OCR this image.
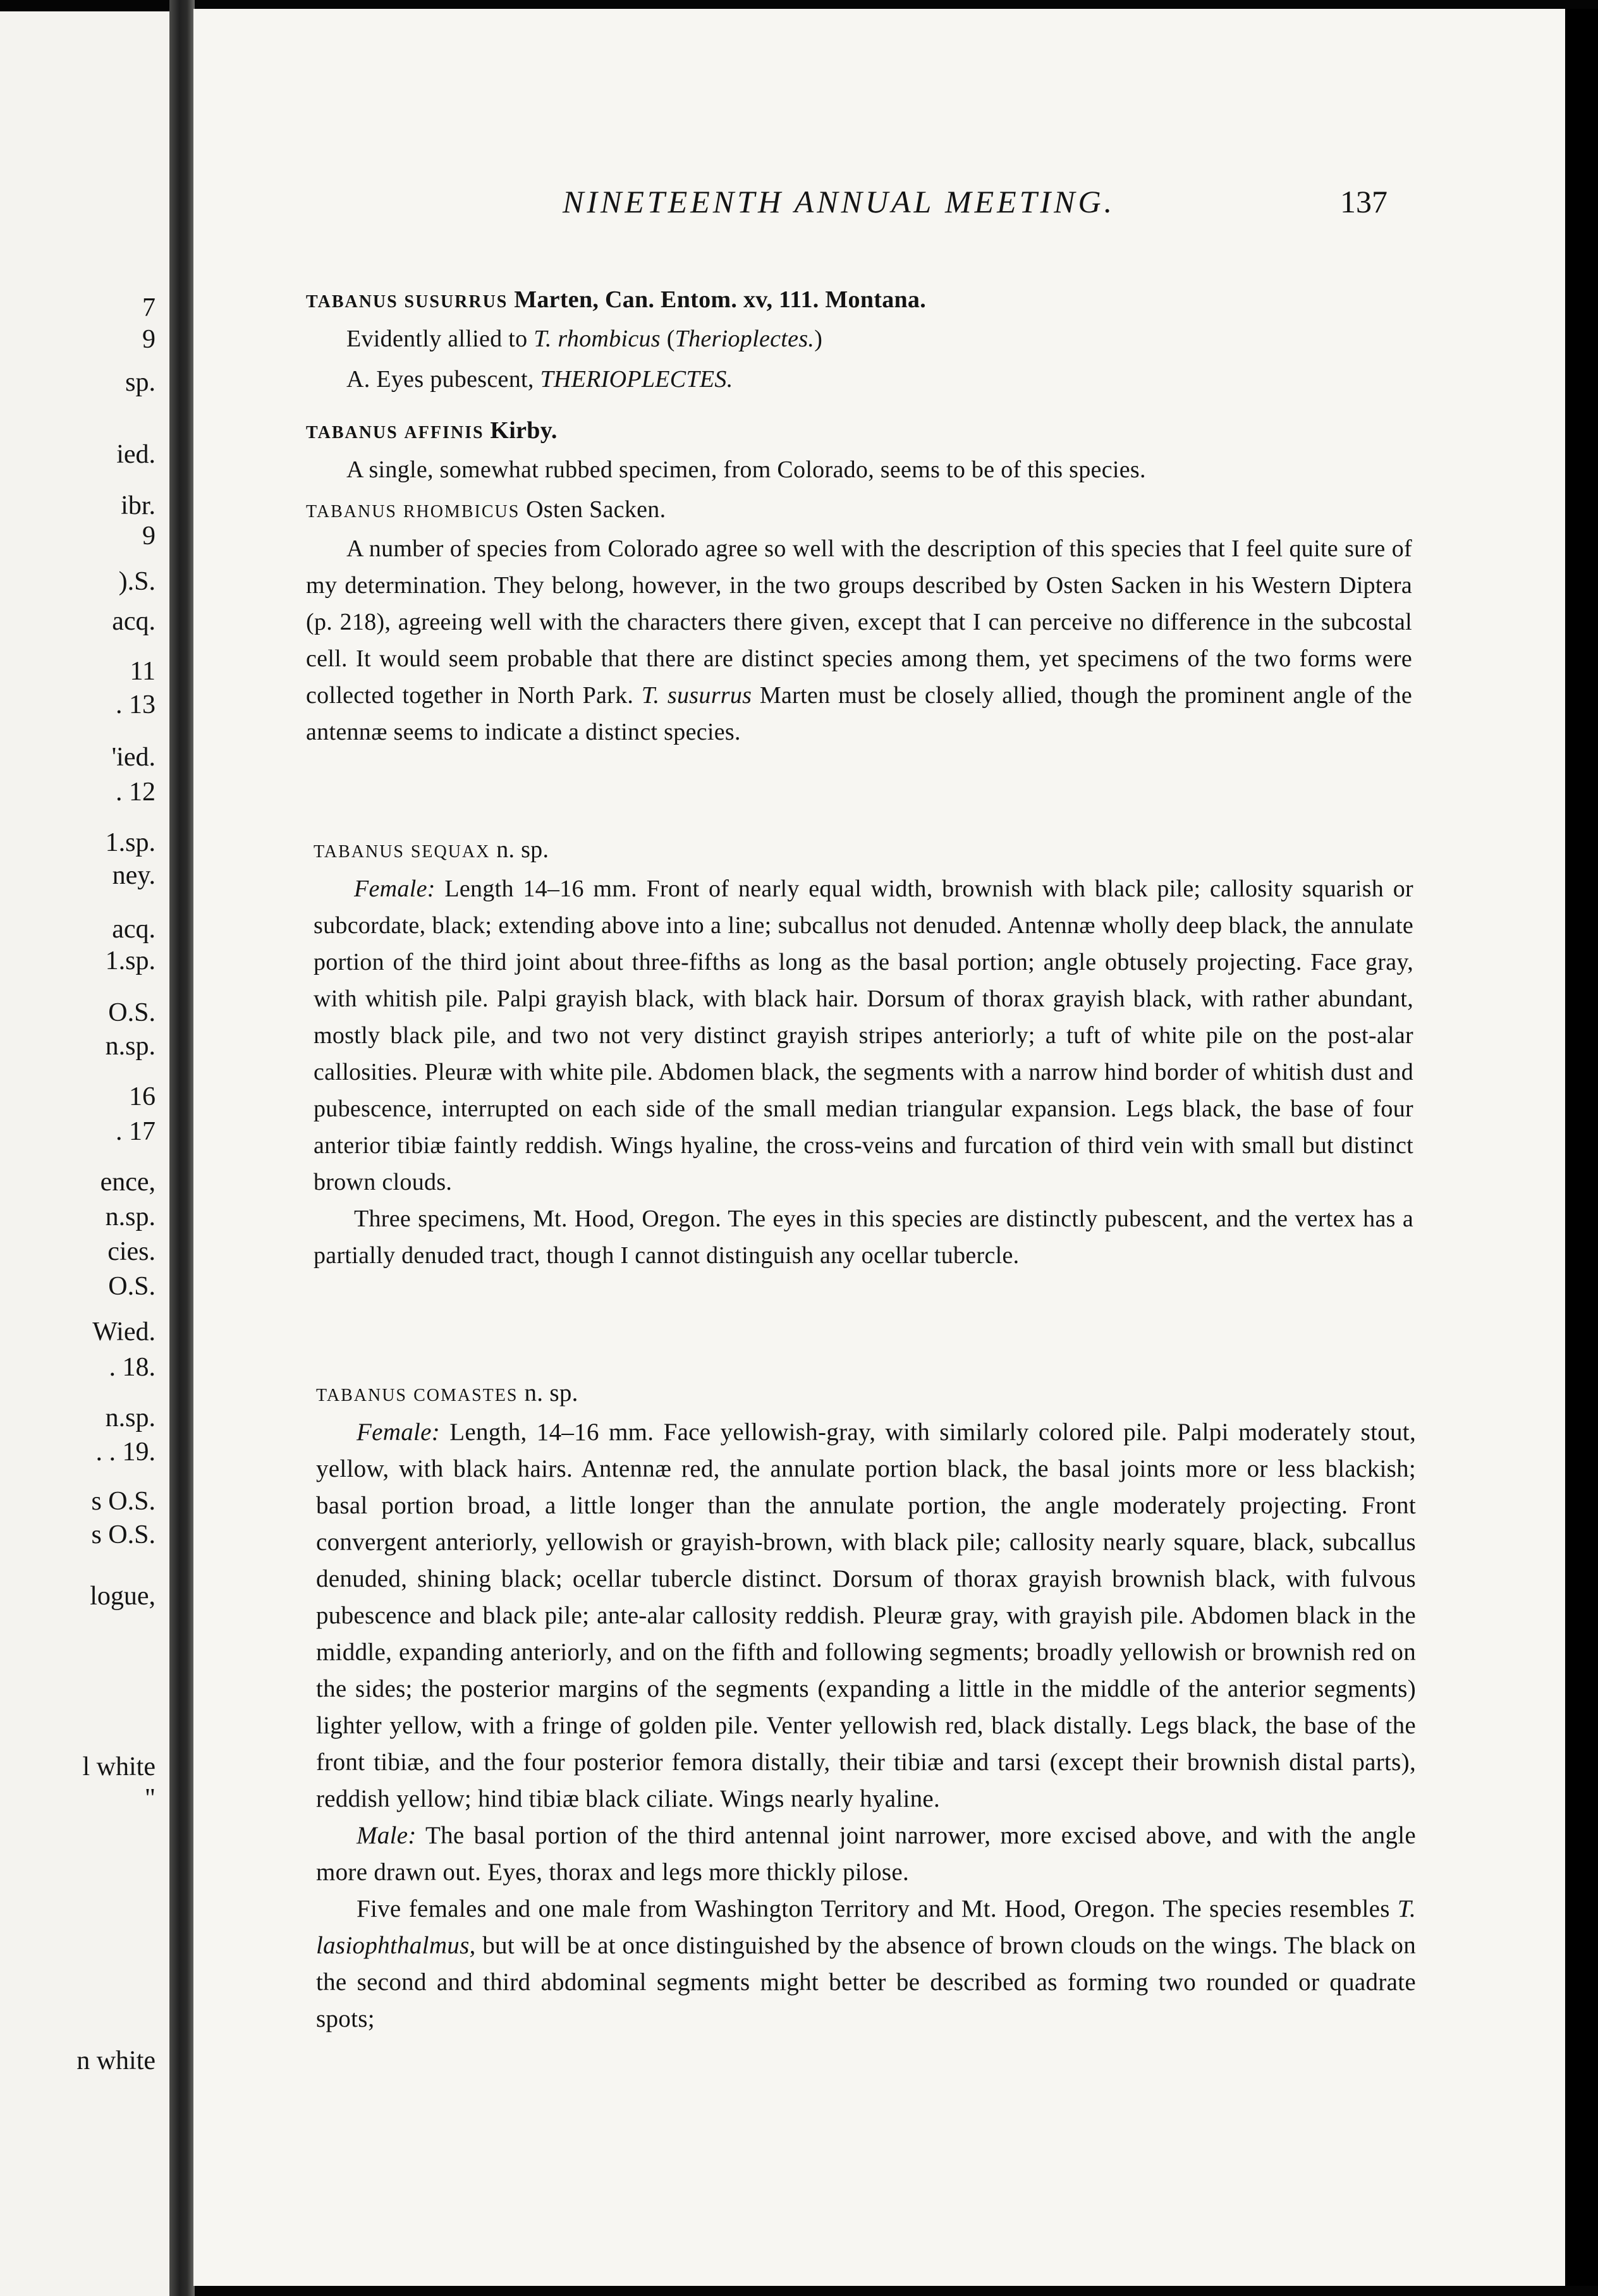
7
9
sp.
ied.
ibr.
9
).S.
acq.
11
. 13
'ied.
. 12
1.sp.
ney.
acq.
1.sp.
O.S.
n.sp.
16
. 17
ence,
n.sp.
cies.
O.S.
Wied.
. 18.
n.sp.
. . 19.
s O.S.
s O.S.
logue,
l white
"
n white
NINETEENTH ANNUAL MEETING.	137
TABANUS SUSURRUS Marten, Can. Entom. xv, 111. Montana.
Evidently allied to T. rhombicus (Therioplectes.)
A. Eyes pubescent, THERIOPLECTES.
TABANUS AFFINIS Kirby.
A single, somewhat rubbed specimen, from Colorado, seems to be of this species.
TABANUS RHOMBICUS Osten Sacken.
A number of species from Colorado agree so well with the description of this species that I feel quite sure of my determination. They belong, however, in the two groups described by Osten Sacken in his Western Diptera (p. 218), agreeing well with the characters there given, except that I can perceive no difference in the subcostal cell. It would seem probable that there are distinct species among them, yet specimens of the two forms were collected together in North Park. T. susurrus Marten must be closely allied, though the prominent angle of the antennæ seems to indicate a distinct species.
TABANUS SEQUAX n. sp.
Female: Length 14–16 mm. Front of nearly equal width, brownish with black pile; callosity squarish or subcordate, black; extending above into a line; subcallus not denuded. Antennæ wholly deep black, the annulate portion of the third joint about three-fifths as long as the basal portion; angle obtusely projecting. Face gray, with whitish pile. Palpi grayish black, with black hair. Dorsum of thorax grayish black, with rather abundant, mostly black pile, and two not very distinct grayish stripes anteriorly; a tuft of white pile on the post-alar callosities. Pleuræ with white pile. Abdomen black, the segments with a narrow hind border of whitish dust and pubescence, interrupted on each side of the small median triangular expansion. Legs black, the base of four anterior tibiæ faintly reddish. Wings hyaline, the cross-veins and furcation of third vein with small but distinct brown clouds.
Three specimens, Mt. Hood, Oregon. The eyes in this species are distinctly pubescent, and the vertex has a partially denuded tract, though I cannot distinguish any ocellar tubercle.
TABANUS COMASTES n. sp.
Female: Length, 14–16 mm. Face yellowish-gray, with similarly colored pile. Palpi moderately stout, yellow, with black hairs. Antennæ red, the annulate portion black, the basal joints more or less blackish; basal portion broad, a little longer than the annulate portion, the angle moderately projecting. Front convergent anteriorly, yellowish or grayish-brown, with black pile; callosity nearly square, black, subcallus denuded, shining black; ocellar tubercle distinct. Dorsum of thorax grayish brownish black, with fulvous pubescence and black pile; ante-alar callosity reddish. Pleuræ gray, with grayish pile. Abdomen black in the middle, expanding anteriorly, and on the fifth and following segments; broadly yellowish or brownish red on the sides; the posterior margins of the segments (expanding a little in the middle of the anterior segments) lighter yellow, with a fringe of golden pile. Venter yellowish red, black distally. Legs black, the base of the front tibiæ, and the four posterior femora distally, their tibiæ and tarsi (except their brownish distal parts), reddish yellow; hind tibiæ black ciliate. Wings nearly hyaline.
Male: The basal portion of the third antennal joint narrower, more excised above, and with the angle more drawn out. Eyes, thorax and legs more thickly pilose.
Five females and one male from Washington Territory and Mt. Hood, Oregon. The species resembles T. lasiophthalmus, but will be at once distinguished by the absence of brown clouds on the wings. The black on the second and third abdominal segments might better be described as forming two rounded or quadrate spots;
